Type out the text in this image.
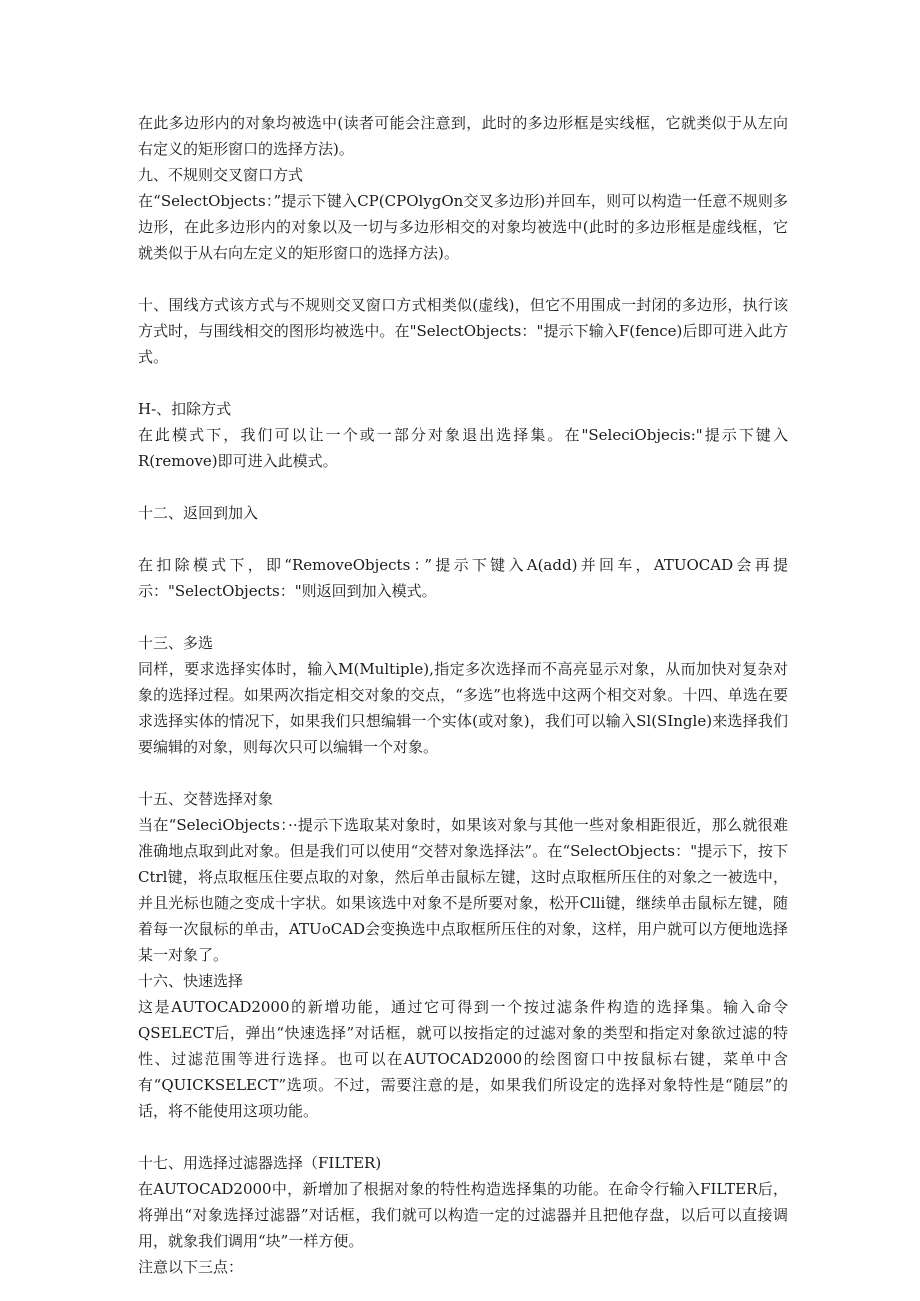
在此多边形内的对象均被选中(读者可能会注意到，此时的多边形框是实线框，它就类似于从左向右定义的矩形窗口的选择方法)。

九、不规则交叉窗口方式

在“SelectObjects：”提示下键入CP(CPOlygOn交叉多边形)并回车，则可以构造一任意不规则多边形，在此多边形内的对象以及一切与多边形相交的对象均被选中(此时的多边形框是虚线框，它就类似于从右向左定义的矩形窗口的选择方法)。

十、围线方式该方式与不规则交叉窗口方式相类似(虚线)，但它不用围成一封闭的多边形，执行该方式时，与围线相交的图形均被选中。在"SelectObjects："提示下输入F(fence)后即可进入此方式。

H-、扣除方式

在此模式下，我们可以让一个或一部分对象退出选择集。在"SeleciObjecis:"提示下键入R(remove)即可进入此模式。

十二、返回到加入

在扣除模式下，即“RemoveObjects：”提示下键入A(add)并回车，ATUOCAD会再提示："SelectObjects："则返回到加入模式。

十三、多选

同样，要求选择实体时，输入M(Multiple),指定多次选择而不高亮显示对象，从而加快对复杂对象的选择过程。如果两次指定相交对象的交点，“多选”也将选中这两个相交对象。十四、单选在要求选择实体的情况下，如果我们只想编辑一个实体(或对象)，我们可以输入Sl(SIngle)来选择我们要编辑的对象，则每次只可以编辑一个对象。

十五、交替选择对象

当在“SeleciObjects：··提示下选取某对象时，如果该对象与其他一些对象相距很近，那么就很难准确地点取到此对象。但是我们可以使用“交替对象选择法”。在“SelectObjects："提示下，按下Ctrl键，将点取框压住要点取的对象，然后单击鼠标左键，这时点取框所压住的对象之一被选中，并且光标也随之变成十字状。如果该选中对象不是所要对象，松开Clli键，继续单击鼠标左键，随着每一次鼠标的单击，ATUoCAD会变换选中点取框所压住的对象，这样，用户就可以方便地选择某一对象了。

十六、快速选择

这是AUTOCAD2000的新增功能，通过它可得到一个按过滤条件构造的选择集。输入命令QSELECT后，弹出“快速选择”对话框，就可以按指定的过滤对象的类型和指定对象欲过滤的特性、过滤范围等进行选择。也可以在AUTOCAD2000的绘图窗口中按鼠标右键，菜单中含有“QUICKSELECT”选项。不过，需要注意的是，如果我们所设定的选择对象特性是“随层”的话，将不能使用这项功能。

十七、用选择过滤器选择（FILTER)

在AUTOCAD2000中，新增加了根据对象的特性构造选择集的功能。在命令行输入FILTER后，将弹出“对象选择过滤器”对话框，我们就可以构造一定的过滤器并且把他存盘，以后可以直接调用，就象我们调用“块”一样方便。

注意以下三点：
